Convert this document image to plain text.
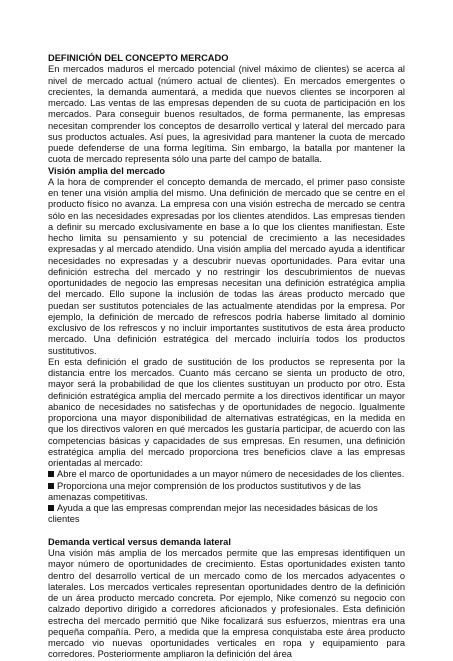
DEFINICIÓN DEL CONCEPTO MERCADO

En mercados maduros el mercado potencial (nivel máximo de clientes) se acerca al nivel de mercado actual (número actual de clientes). En mercados emergentes o crecientes, la demanda aumentará, a medida que nuevos clientes se incorporen al mercado. Las ventas de las empresas dependen de su cuota de participación en los mercados. Para conseguir buenos resultados, de forma permanente, las empresas necesitan comprender los conceptos de desarrollo vertical y lateral del mercado para sus productos actuales. Así pues, la agresividad para mantener la cuota de mercado puede defenderse de una forma legítima. Sin embargo, la batalla por mantener la cuota de mercado representa sólo una parte del campo de batalla.

Visión amplia del mercado

A la hora de comprender el concepto demanda de mercado, el primer paso consiste en tener una visión amplia del mismo. Una definición de mercado que se centre en el producto físico no avanza. La empresa con una visión estrecha de mercado se centra sólo en las necesidades expresadas por los clientes atendidos. Las empresas tienden a definir su mercado exclusivamente en base a lo que los clientes manifiestan. Este hecho limita su pensamiento y su potencial de crecimiento a las necesidades expresadas y al mercado atendido. Una visión amplia del mercado ayuda a identificar necesidades no expresadas y a descubrir nuevas oportunidades. Para evitar una definición estrecha del mercado y no restringir los descubrimientos de nuevas oportunidades de negocio las empresas necesitan una definición estratégica amplia del mercado. Ello supone la inclusión de todas las áreas producto mercado que puedan ser sustitutos potenciales de las actualmente atendidas por la empresa. Por ejemplo, la definición de mercado de refrescos podría haberse limitado al dominio exclusivo de los refrescos y no incluir importantes sustitutivos de esta área producto mercado. Una definición estratégica del mercado incluiría todos los productos sustitutivos.

En esta definición el grado de sustitución de los productos se representa por la distancia entre los mercados. Cuanto más cercano se sienta un producto de otro, mayor será la probabilidad de que los clientes sustituyan un producto por otro. Esta definición estratégica amplia del mercado permite a los directivos identificar un mayor abanico de necesidades no satisfechas y de oportunidades de negocio. Igualmente proporciona una mayor disponibilidad de alternativas estratégicas, en la medida en que los directivos valoren en qué mercados les gustaría participar, de acuerdo con las competencias básicas y capacidades de sus empresas. En resumen, una definición estratégica amplia del mercado proporciona tres beneficios clave a las empresas orientadas al mercado:

Abre el marco de oportunidades a un mayor número de necesidades de los clientes.
Proporciona una mejor comprensión de los productos sustitutivos y de las amenazas competitivas.
Ayuda a que las empresas comprendan mejor las necesidades básicas de los clientes

Demanda vertical versus demanda lateral

Una visión más amplia de los mercados permite que las empresas identifiquen un mayor número de oportunidades de crecimiento. Estas oportunidades existen tanto dentro del desarrollo vertical de un mercado como de los mercados adyacentes o laterales. Los mercados verticales representan oportunidades dentro de la definición de un área producto mercado concreta. Por ejemplo, Nike comenzó su negocio con calzado deportivo dirigido a corredores aficionados y profesionales. Esta definición estrecha del mercado permitió que Nike focalizará sus esfuerzos, mientras era una pequeña compañía. Pero, a medida que la empresa conquistaba este área producto mercado vio nuevas oportunidades verticales en ropa y equipamiento para corredores. Posteriormente ampliaron la definición del área
